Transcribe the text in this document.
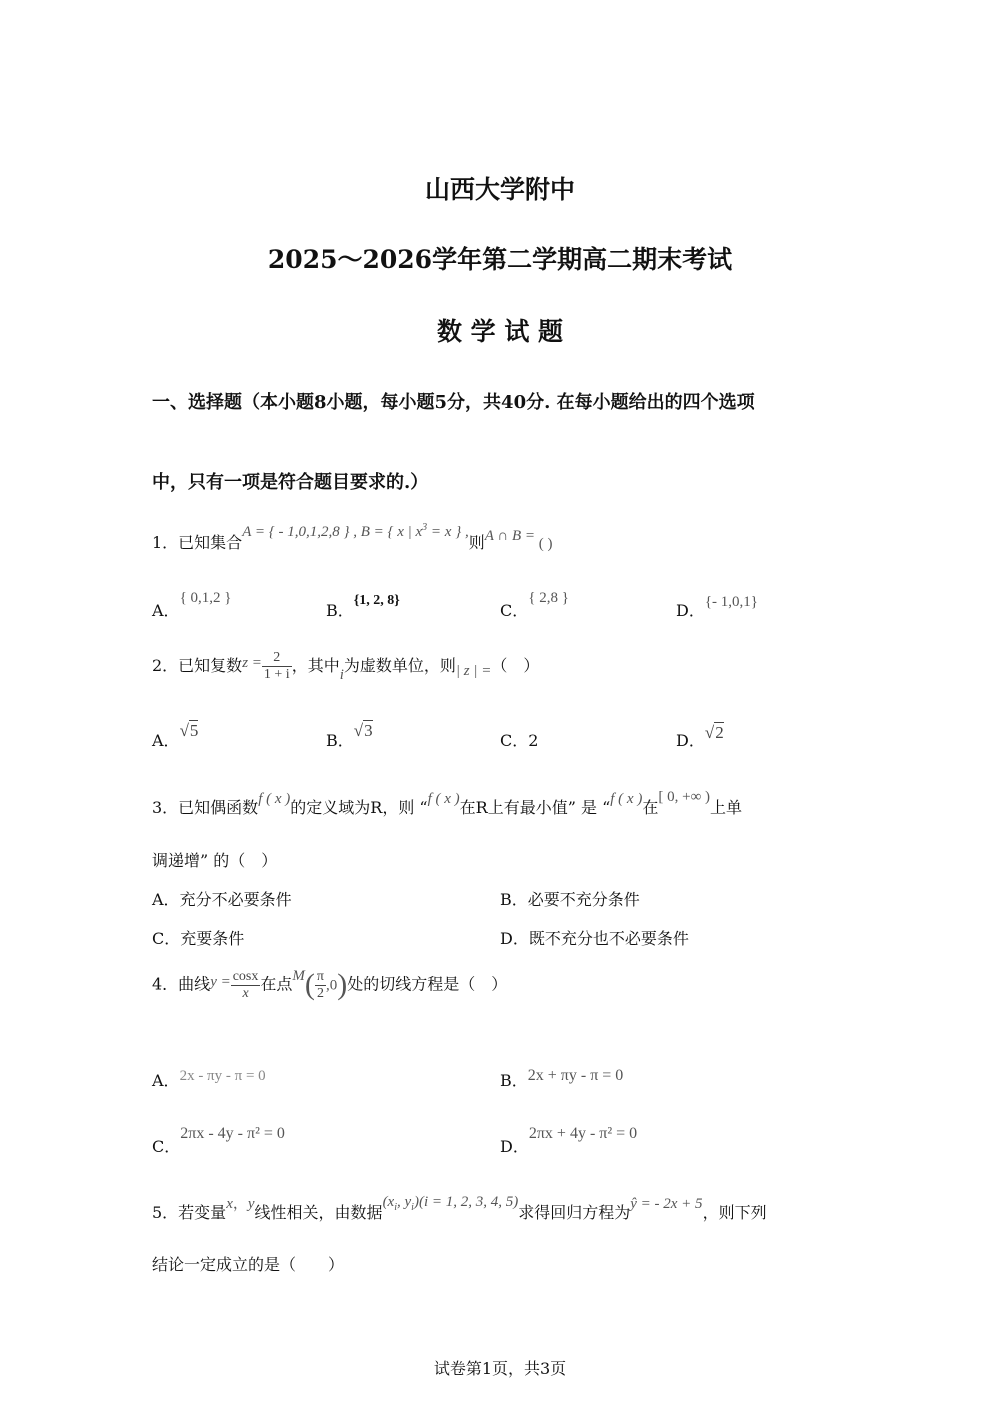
山西大学附中
2025～2026学年第二学期高二期末考试
数 学 试 题
一、选择题（本小题8小题，每小题5分，共40分. 在每小题给出的四个选项
中，只有一项是符合题目要求的.）
1．已知集合A = { - 1,0,1,2,8 } , B = { x | $x^3 = x$ } ,则A ∩ B = ( )
A．{ 0,1,2 }
B．{1, 2, 8}
C．{ 2,8 }
D．{- 1,0,1}
2．已知复数$z = \frac{2}{1 + i}$ ，其中i为虚数单位，则| z | =（　）
A．√5
B．√3
C．2	D．√2
3．已知偶函数f ( x )的定义域为R，则 “f ( x )在R上有最小值” 是 “f ( x )在[ 0, +∞ )上单
调递增” 的（　）
A．充分不必要条件	B．必要不充分条件
C．充要条件	D．既不充分也不必要条件
4．曲线$y = \frac{\cos x}{x}$ 在点$M( \frac{\pi}{2} ,0)$处的切线方程是（　）
A．2x - πy - π = 0	B．2x + πy - π = 0
C．2πx - 4y - π² = 0
D．2πx + 4y - π² = 0
5．若变量x，y线性相关，由数据($x_i$, $y_i)(i = 1$, 2, 3, 4, 5)求得回归方程为ŷ = - 2x + 5，则下列
结论一定成立的是（　　）
试卷第1页，共3页
